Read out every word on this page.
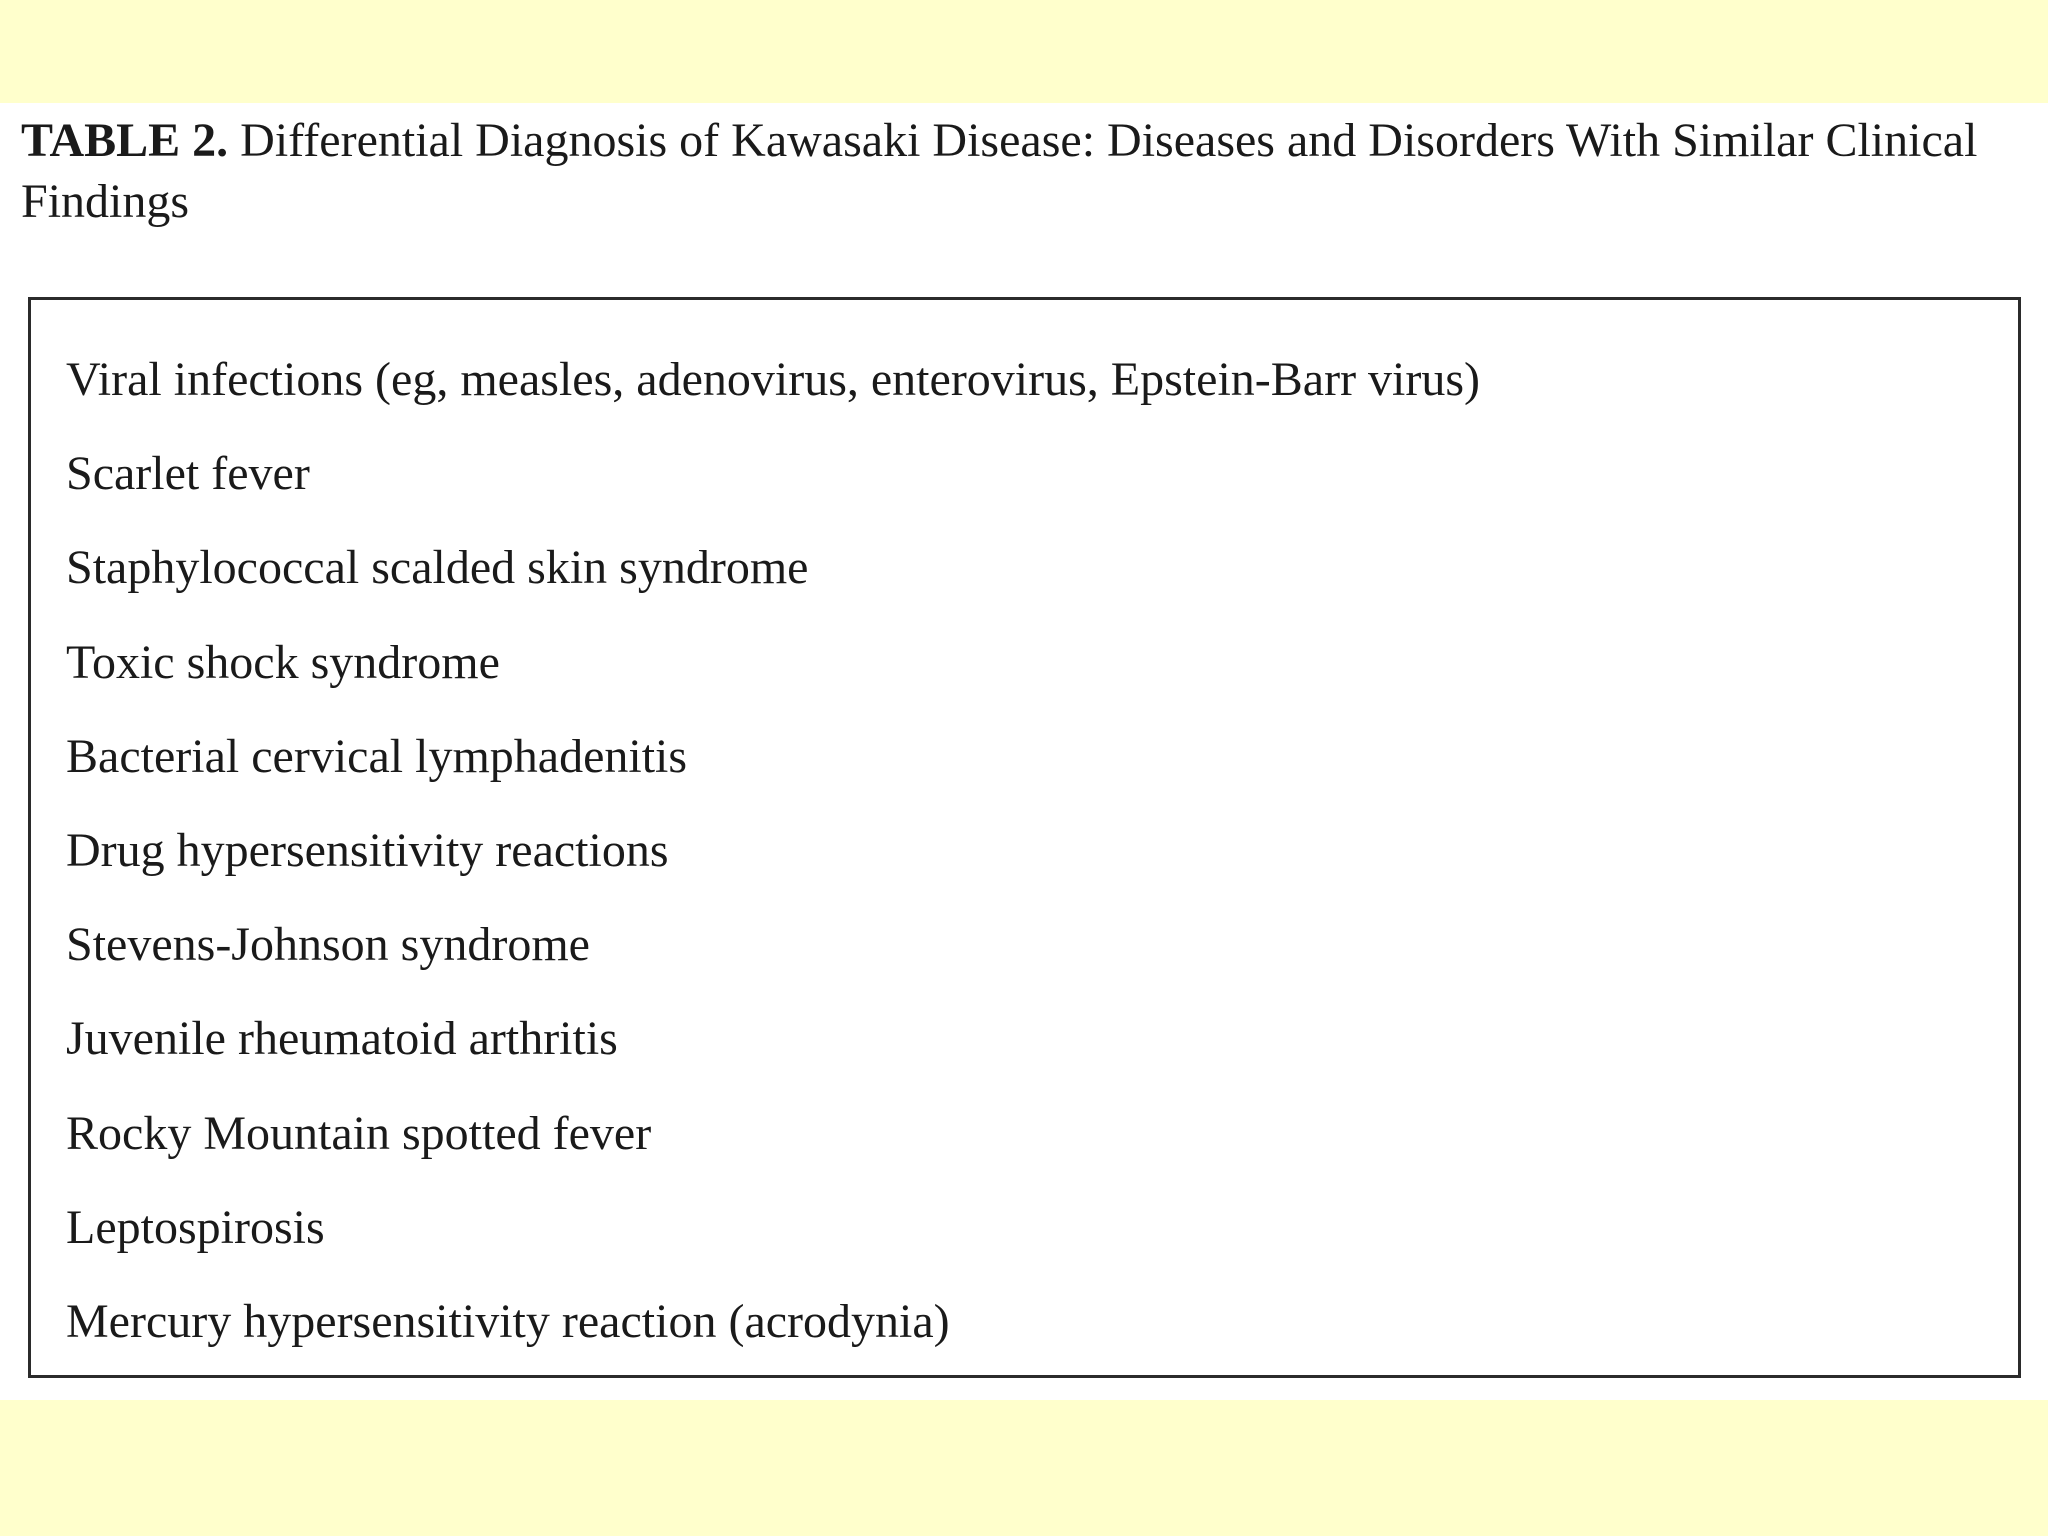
TABLE 2. Differential Diagnosis of Kawasaki Disease: Diseases and Disorders With Similar Clinical Findings

Viral infections (eg, measles, adenovirus, enterovirus, Epstein-Barr virus)
Scarlet fever
Staphylococcal scalded skin syndrome
Toxic shock syndrome
Bacterial cervical lymphadenitis
Drug hypersensitivity reactions
Stevens-Johnson syndrome
Juvenile rheumatoid arthritis
Rocky Mountain spotted fever
Leptospirosis
Mercury hypersensitivity reaction (acrodynia)
